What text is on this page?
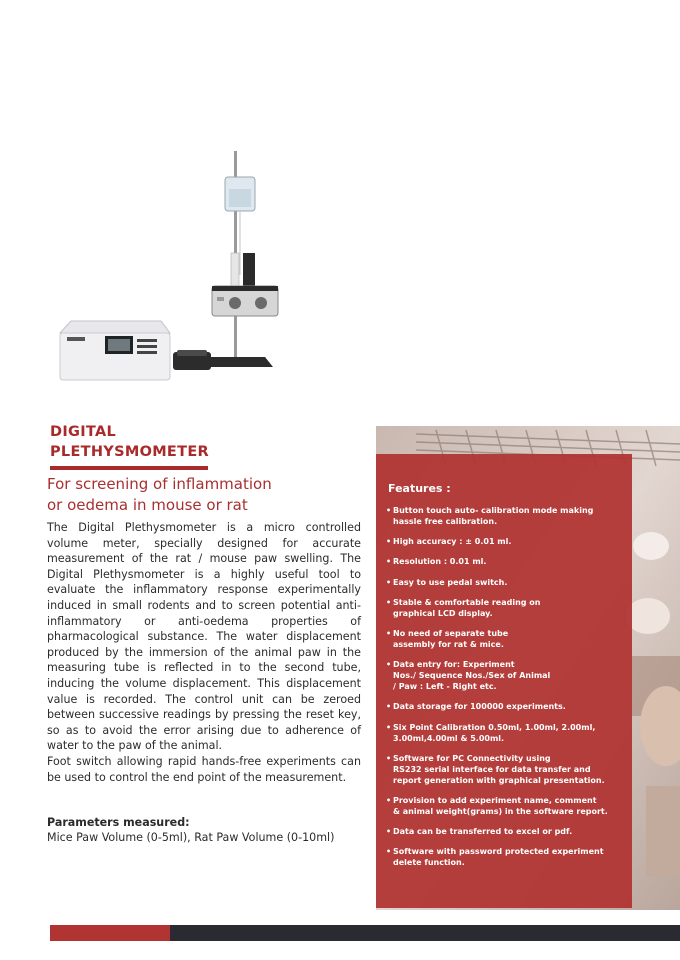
DIGITAL
PLETHYSMOMETER
For screening of inflammation
or oedema in mouse or rat

The Digital Plethysmometer is a micro controlled volume meter, specially designed for accurate measurement of the rat / mouse paw swelling. The Digital Plethysmometer is a highly useful tool to evaluate the inflammatory response experimentally induced in small rodents and to screen potential anti-inflammatory or anti-oedema properties of pharmacological substance. The water displacement produced by the immersion of the animal paw in the measuring tube is reflected in to the second tube, inducing the volume displacement. This displacement value is recorded. The control unit can be zeroed between successive readings by pressing the reset key, so as to avoid the error arising due to adherence of water to the paw of the animal.

Foot switch allowing rapid hands-free experiments can be used to control the end point of the measurement.

Parameters measured:
Mice Paw Volume (0-5ml), Rat Paw Volume (0-10ml)
Features :
• Button touch auto- calibration mode making
hassle free calibration.
• High accuracy : ± 0.01 ml.
• Resolution : 0.01 ml.
• Easy to use pedal switch.
• Stable & comfortable reading on
graphical LCD display.
• No need of separate tube
assembly for rat & mice.
• Data entry for: Experiment
Nos./ Sequence Nos./Sex of Animal
/ Paw : Left - Right etc.
• Data storage for 100000 experiments.
• Six Point Calibration 0.50ml, 1.00ml, 2.00ml,
3.00ml,4.00ml & 5.00ml.
• Software for PC Connectivity using
RS232 serial interface for data transfer and
report generation with graphical presentation.
• Provision to add experiment name, comment
& animal weight(grams) in the software report.
• Data can be transferred to excel or pdf.
• Software with password protected experiment
delete function.
